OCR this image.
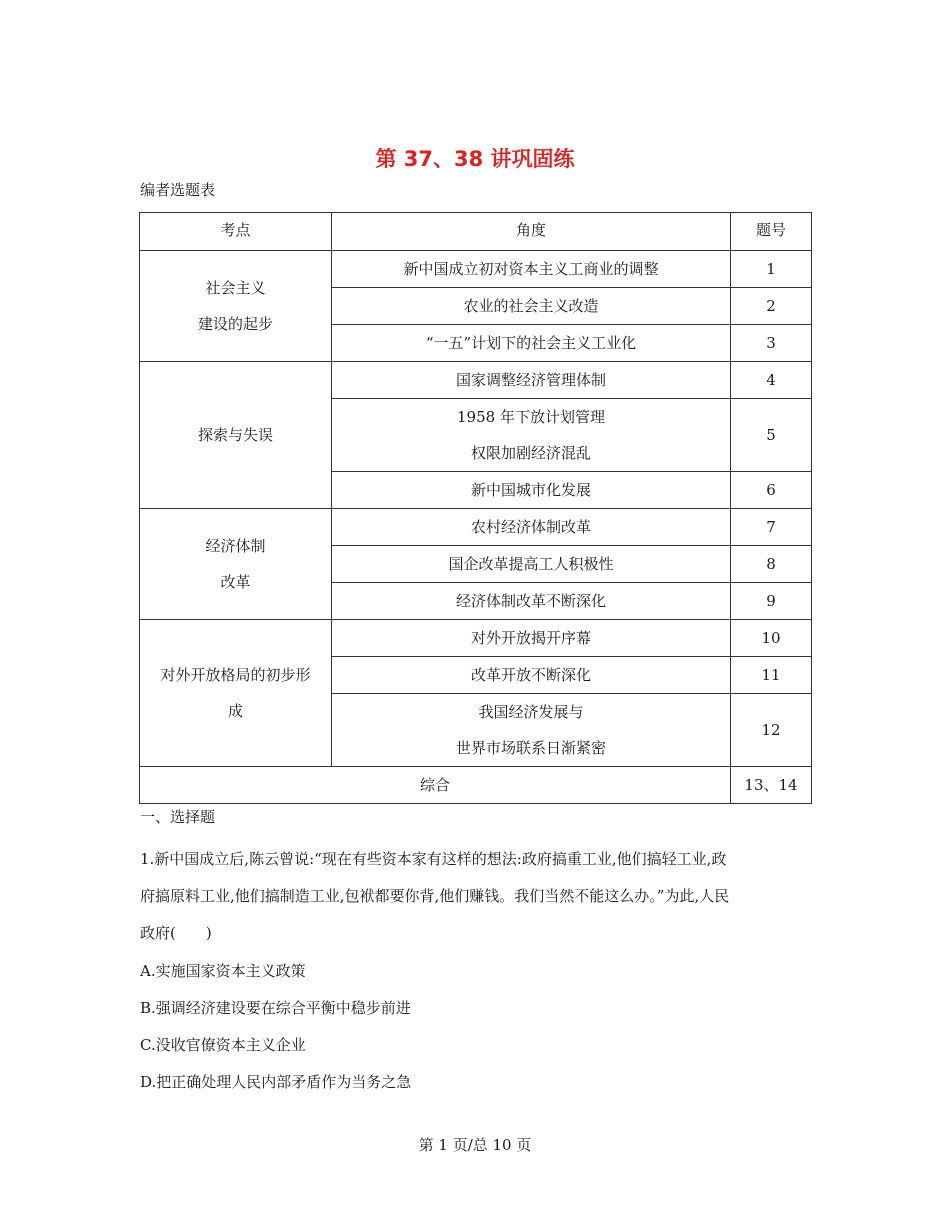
第 37、38 讲巩固练
编者选题表
考点	角度	题号

社会主义
建设的起步	新中国成立初对资本主义工商业的调整	1

	农业的社会主义改造	2

	“一五”计划下的社会主义工业化	3

探索与失误	国家调整经济管理体制	4

	1958 年下放计划管理
权限加剧经济混乱	5

	新中国城市化发展	6

经济体制
改革	农村经济体制改革	7

	国企改革提高工人积极性	8

	经济体制改革不断深化	9

对外开放格局的初步形
成	对外开放揭开序幕	10

	改革开放不断深化	11

	我国经济发展与
世界市场联系日渐紧密	12
综合		13、14
一、选择题
1.新中国成立后,陈云曾说:“现在有些资本家有这样的想法:政府搞重工业,他们搞轻工业,政
府搞原料工业,他们搞制造工业,包袱都要你背,他们赚钱。我们当然不能这么办。”为此,人民
政府(　　)
A.实施国家资本主义政策
B.强调经济建设要在综合平衡中稳步前进
C.没收官僚资本主义企业
D.把正确处理人民内部矛盾作为当务之急
第 1 页/总 10 页
